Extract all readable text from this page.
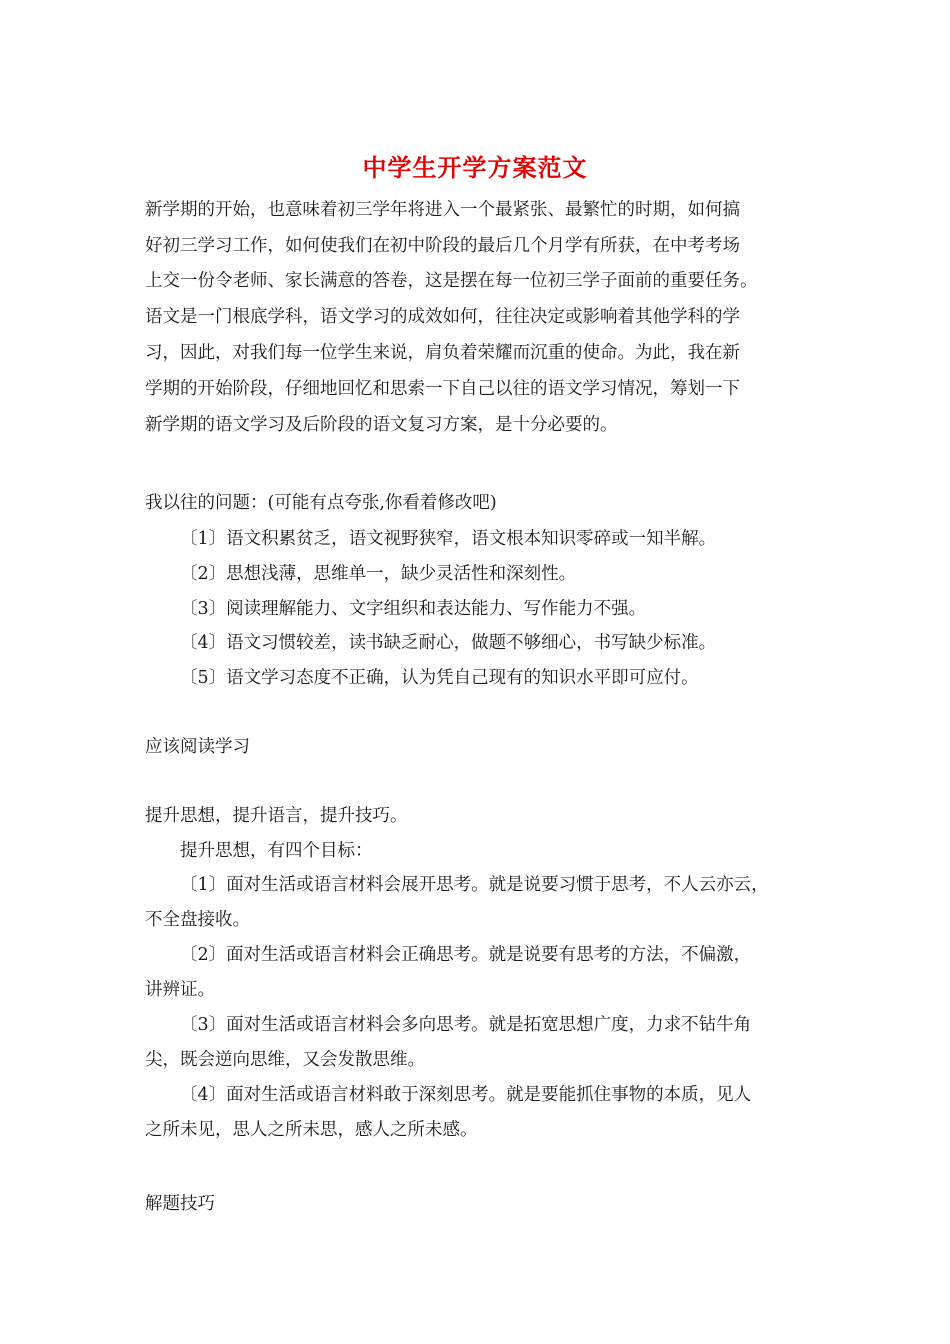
中学生开学方案范文
新学期的开始，也意味着初三学年将进入一个最紧张、最繁忙的时期，如何搞
好初三学习工作，如何使我们在初中阶段的最后几个月学有所获，在中考考场
上交一份令老师、家长满意的答卷，这是摆在每一位初三学子面前的重要任务。
语文是一门根底学科，语文学习的成效如何，往往决定或影响着其他学科的学
习，因此，对我们每一位学生来说，肩负着荣耀而沉重的使命。为此，我在新
学期的开始阶段，仔细地回忆和思索一下自己以往的语文学习情况，筹划一下
新学期的语文学习及后阶段的语文复习方案，是十分必要的。
我以往的问题：(可能有点夸张,你看着修改吧)
〔1〕语文积累贫乏，语文视野狭窄，语文根本知识零碎或一知半解。
〔2〕思想浅薄，思维单一，缺少灵活性和深刻性。
〔3〕阅读理解能力、文字组织和表达能力、写作能力不强。
〔4〕语文习惯较差，读书缺乏耐心，做题不够细心，书写缺少标准。
〔5〕语文学习态度不正确，认为凭自己现有的知识水平即可应付。
应该阅读学习
提升思想，提升语言，提升技巧。
提升思想，有四个目标：
〔1〕面对生活或语言材料会展开思考。就是说要习惯于思考，不人云亦云，
不全盘接收。
〔2〕面对生活或语言材料会正确思考。就是说要有思考的方法，不偏激，
讲辨证。
〔3〕面对生活或语言材料会多向思考。就是拓宽思想广度，力求不钻牛角
尖，既会逆向思维，又会发散思维。
〔4〕面对生活或语言材料敢于深刻思考。就是要能抓住事物的本质，见人
之所未见，思人之所未思，感人之所未感。
解题技巧
